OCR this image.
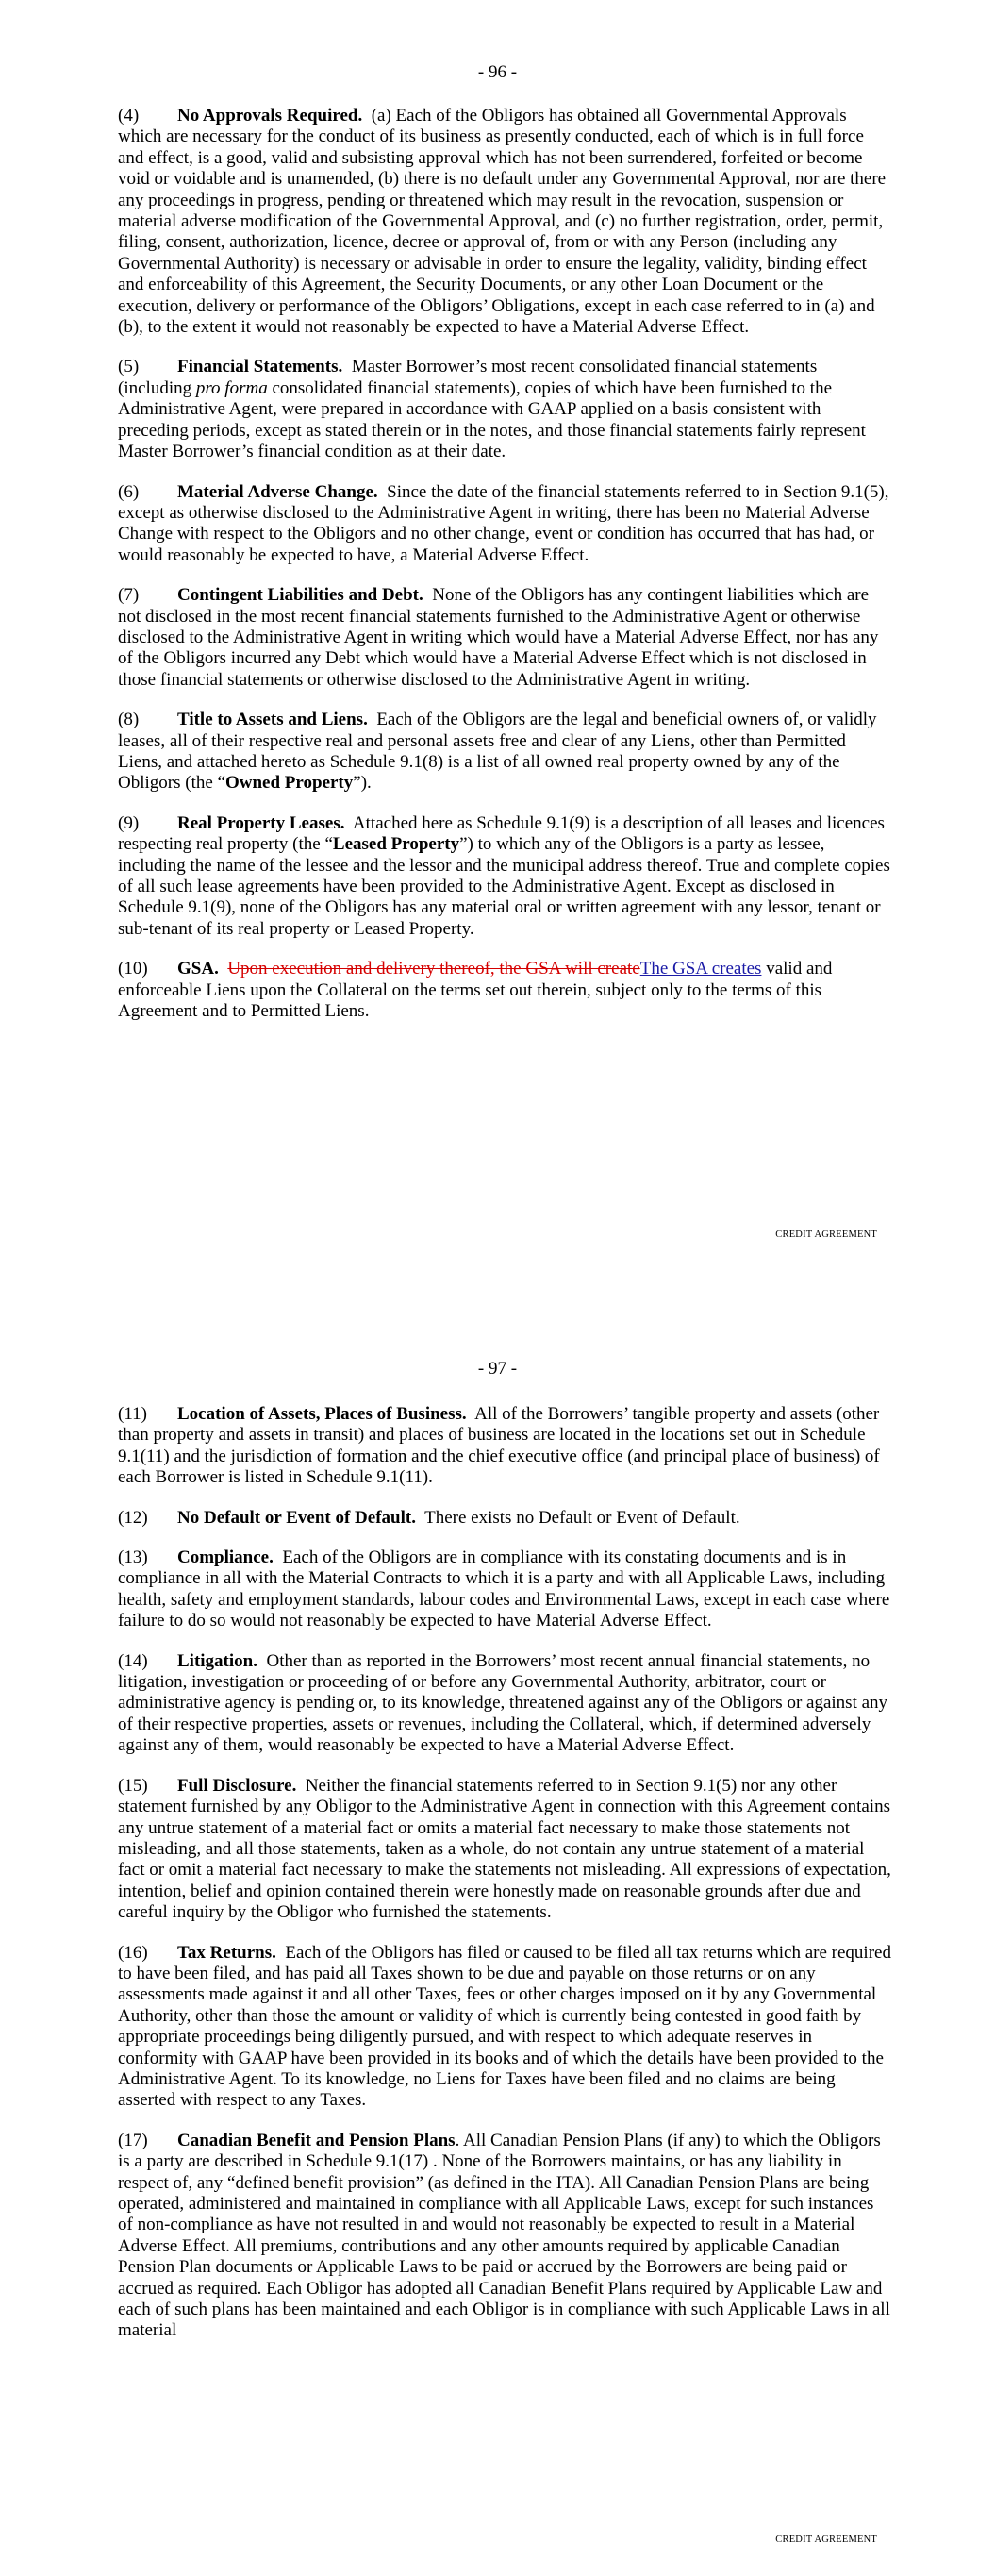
- 96 -

(4) No Approvals Required. (a) Each of the Obligors has obtained all Governmental Approvals which are necessary for the conduct of its business as presently conducted, each of which is in full force and effect, is a good, valid and subsisting approval which has not been surrendered, forfeited or become void or voidable and is unamended, (b) there is no default under any Governmental Approval, nor are there any proceedings in progress, pending or threatened which may result in the revocation, suspension or material adverse modification of the Governmental Approval, and (c) no further registration, order, permit, filing, consent, authorization, licence, decree or approval of, from or with any Person (including any Governmental Authority) is necessary or advisable in order to ensure the legality, validity, binding effect and enforceability of this Agreement, the Security Documents, or any other Loan Document or the execution, delivery or performance of the Obligors’ Obligations, except in each case referred to in (a) and (b), to the extent it would not reasonably be expected to have a Material Adverse Effect.

(5) Financial Statements. Master Borrower’s most recent consolidated financial statements (including pro forma consolidated financial statements), copies of which have been furnished to the Administrative Agent, were prepared in accordance with GAAP applied on a basis consistent with preceding periods, except as stated therein or in the notes, and those financial statements fairly represent Master Borrower’s financial condition as at their date.

(6) Material Adverse Change. Since the date of the financial statements referred to in Section 9.1(5), except as otherwise disclosed to the Administrative Agent in writing, there has been no Material Adverse Change with respect to the Obligors and no other change, event or condition has occurred that has had, or would reasonably be expected to have, a Material Adverse Effect.

(7) Contingent Liabilities and Debt. None of the Obligors has any contingent liabilities which are not disclosed in the most recent financial statements furnished to the Administrative Agent or otherwise disclosed to the Administrative Agent in writing which would have a Material Adverse Effect, nor has any of the Obligors incurred any Debt which would have a Material Adverse Effect which is not disclosed in those financial statements or otherwise disclosed to the Administrative Agent in writing.

(8) Title to Assets and Liens. Each of the Obligors are the legal and beneficial owners of, or validly leases, all of their respective real and personal assets free and clear of any Liens, other than Permitted Liens, and attached hereto as Schedule 9.1(8) is a list of all owned real property owned by any of the Obligors (the “Owned Property”).

(9) Real Property Leases. Attached here as Schedule 9.1(9) is a description of all leases and licences respecting real property (the “Leased Property”) to which any of the Obligors is a party as lessee, including the name of the lessee and the lessor and the municipal address thereof. True and complete copies of all such lease agreements have been provided to the Administrative Agent. Except as disclosed in Schedule 9.1(9), none of the Obligors has any material oral or written agreement with any lessor, tenant or sub-tenant of its real property or Leased Property.

(10) GSA. Upon execution and delivery thereof, the GSA will createThe GSA creates valid and enforceable Liens upon the Collateral on the terms set out therein, subject only to the terms of this Agreement and to Permitted Liens.

CREDIT AGREEMENT
- 97 -

(11) Location of Assets, Places of Business. All of the Borrowers’ tangible property and assets (other than property and assets in transit) and places of business are located in the locations set out in Schedule 9.1(11) and the jurisdiction of formation and the chief executive office (and principal place of business) of each Borrower is listed in Schedule 9.1(11).

(12) No Default or Event of Default. There exists no Default or Event of Default.

(13) Compliance. Each of the Obligors are in compliance with its constating documents and is in compliance in all with the Material Contracts to which it is a party and with all Applicable Laws, including health, safety and employment standards, labour codes and Environmental Laws, except in each case where failure to do so would not reasonably be expected to have Material Adverse Effect.

(14) Litigation. Other than as reported in the Borrowers’ most recent annual financial statements, no litigation, investigation or proceeding of or before any Governmental Authority, arbitrator, court or administrative agency is pending or, to its knowledge, threatened against any of the Obligors or against any of their respective properties, assets or revenues, including the Collateral, which, if determined adversely against any of them, would reasonably be expected to have a Material Adverse Effect.

(15) Full Disclosure. Neither the financial statements referred to in Section 9.1(5) nor any other statement furnished by any Obligor to the Administrative Agent in connection with this Agreement contains any untrue statement of a material fact or omits a material fact necessary to make those statements not misleading, and all those statements, taken as a whole, do not contain any untrue statement of a material fact or omit a material fact necessary to make the statements not misleading. All expressions of expectation, intention, belief and opinion contained therein were honestly made on reasonable grounds after due and careful inquiry by the Obligor who furnished the statements.

(16) Tax Returns. Each of the Obligors has filed or caused to be filed all tax returns which are required to have been filed, and has paid all Taxes shown to be due and payable on those returns or on any assessments made against it and all other Taxes, fees or other charges imposed on it by any Governmental Authority, other than those the amount or validity of which is currently being contested in good faith by appropriate proceedings being diligently pursued, and with respect to which adequate reserves in conformity with GAAP have been provided in its books and of which the details have been provided to the Administrative Agent. To its knowledge, no Liens for Taxes have been filed and no claims are being asserted with respect to any Taxes.

(17) Canadian Benefit and Pension Plans. All Canadian Pension Plans (if any) to which the Obligors is a party are described in Schedule 9.1(17) . None of the Borrowers maintains, or has any liability in respect of, any “defined benefit provision” (as defined in the ITA). All Canadian Pension Plans are being operated, administered and maintained in compliance with all Applicable Laws, except for such instances of non-compliance as have not resulted in and would not reasonably be expected to result in a Material Adverse Effect. All premiums, contributions and any other amounts required by applicable Canadian Pension Plan documents or Applicable Laws to be paid or accrued by the Borrowers are being paid or accrued as required. Each Obligor has adopted all Canadian Benefit Plans required by Applicable Law and each of such plans has been maintained and each Obligor is in compliance with such Applicable Laws in all material

CREDIT AGREEMENT
